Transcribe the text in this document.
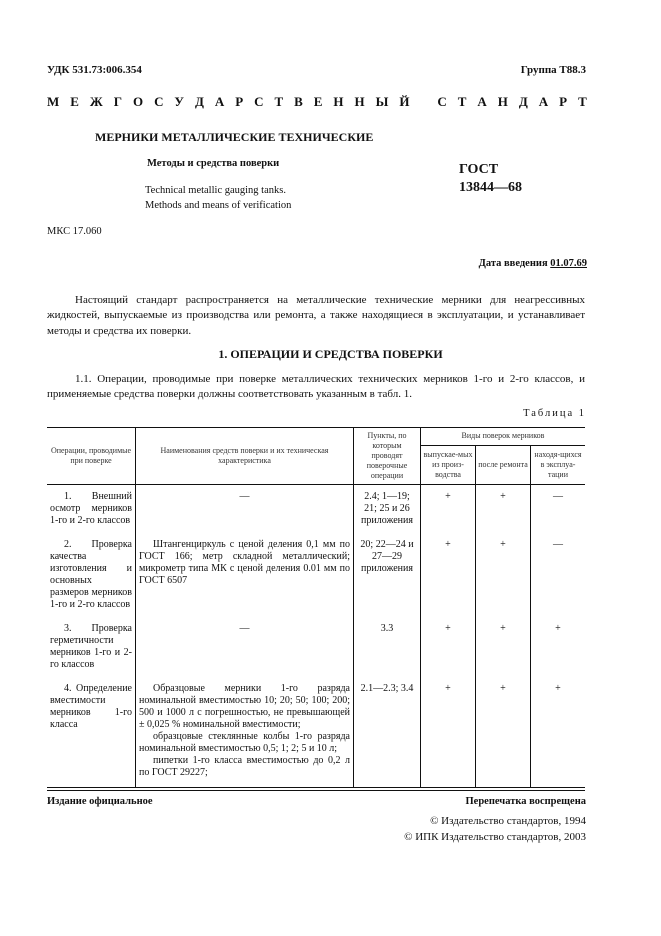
УДК 531.73:006.354	Группа Т88.3
М Е Ж Г О С У Д А Р С Т В Е Н Н Ы Й С Т А Н Д А Р Т
МЕРНИКИ МЕТАЛЛИЧЕСКИЕ ТЕХНИЧЕСКИЕ
Методы и средства поверки
Technical metallic gauging tanks.
Methods and means of verification
ГОСТ
13844—68
МКС 17.060
Дата введения 01.07.69
Настоящий стандарт распространяется на металлические технические мерники для неагрессивных жидкостей, выпускаемые из производства или ремонта, а также находящиеся в эксплуатации, и устанавливает методы и средства их поверки.
1. ОПЕРАЦИИ И СРЕДСТВА ПОВЕРКИ
1.1. Операции, проводимые при поверке металлических технических мерников 1-го и 2-го классов, и применяемые средства поверки должны соответствовать указанным в табл. 1.
Таблица 1
Операции, проводимые при поверке	Наименования средств поверки и их техническая характеристика	Пункты, по которым проводят поверочные операции	Виды поверок мерников		
			выпускае-мых из произ-водства	после ремонта	находя-щихся в эксплуа-тации

1. Внешний осмотр мерников 1-го и 2-го классов	—	2.4; 1—19; 21; 25 и 26 приложения	+	+	—

2. Проверка качества изготовления и основных размеров мерников 1-го и 2-го классов	Штангенциркуль с ценой деления 0,1 мм по ГОСТ 166; метр складной металлический; микрометр типа МК с ценой деления 0.01 мм по ГОСТ 6507	20; 22—24 и 27—29 приложения	+	+	—

3. Проверка герметичности мерников 1-го и 2-го классов	—	3.3	+	+	+

4. Определение вместимости мерников 1-го класса	Образцовые мерники 1-го разряда номинальной вместимостью 10; 20; 50; 100; 200; 500 и 1000 л с погрешностью, не превышающей ± 0,025 % номинальной вместимости;
образцовые стеклянные колбы 1-го разряда номинальной вместимостью 0,5; 1; 2; 5 и 10 л;
пипетки 1-го класса вместимостью до 0,2 л по ГОСТ 29227;	2.1—2.3; 3.4	+	+	+
Издание официальное	Перепечатка воспрещена
© Издательство стандартов, 1994
© ИПК Издательство стандартов, 2003
